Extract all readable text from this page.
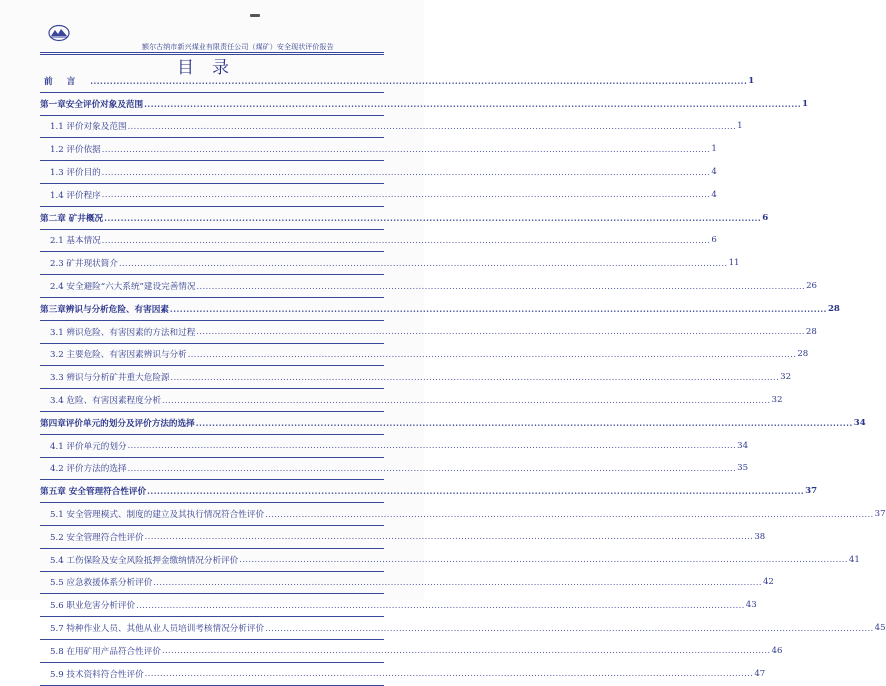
额尔古纳市新兴煤业有限责任公司（煤矿）安全现状评价报告
目录
前言 ........................................................................................................................................................................................................ 1
第一章安全评价对象及范围 ........................................................................................................................................................................................................ 1
1.1 评价对象及范围 ........................................................................................................................................................................................................ 1
1.2 评价依据 ........................................................................................................................................................................................................ 1
1.3 评价目的 ........................................................................................................................................................................................................ 4
1.4 评价程序 ........................................................................................................................................................................................................ 4
第二章 矿井概况 ........................................................................................................................................................................................................ 6
2.1 基本情况 ........................................................................................................................................................................................................ 6
2.3 矿井现状简介 ........................................................................................................................................................................................................ 11
2.4 安全避险“六大系统”建设完善情况 ........................................................................................................................................................................................................ 26
第三章辨识与分析危险、有害因素 ........................................................................................................................................................................................................ 28
3.1 辨识危险、有害因素的方法和过程 ........................................................................................................................................................................................................ 28
3.2 主要危险、有害因素辨识与分析 ........................................................................................................................................................................................................ 28
3.3 辨识与分析矿井重大危险源 ........................................................................................................................................................................................................ 32
3.4 危险、有害因素程度分析 ........................................................................................................................................................................................................ 32
第四章评价单元的划分及评价方法的选择 ........................................................................................................................................................................................................ 34
4.1 评价单元的划分 ........................................................................................................................................................................................................ 34
4.2 评价方法的选择 ........................................................................................................................................................................................................ 35
第五章 安全管理符合性评价 ........................................................................................................................................................................................................ 37
5.1 安全管理模式、制度的建立及其执行情况符合性评价 ........................................................................................................................................................................................................ 37
5.2 安全管理符合性评价 ........................................................................................................................................................................................................ 38
5.4 工伤保险及安全风险抵押金缴纳情况分析评价 ........................................................................................................................................................................................................ 41
5.5 应急救援体系分析评价 ........................................................................................................................................................................................................ 42
5.6 职业危害分析评价 ........................................................................................................................................................................................................ 43
5.7 特种作业人员、其他从业人员培训考核情况分析评价 ........................................................................................................................................................................................................ 45
5.8 在用矿用产品符合性评价 ........................................................................................................................................................................................................ 46
5.9 技术资料符合性评价 ........................................................................................................................................................................................................ 47
